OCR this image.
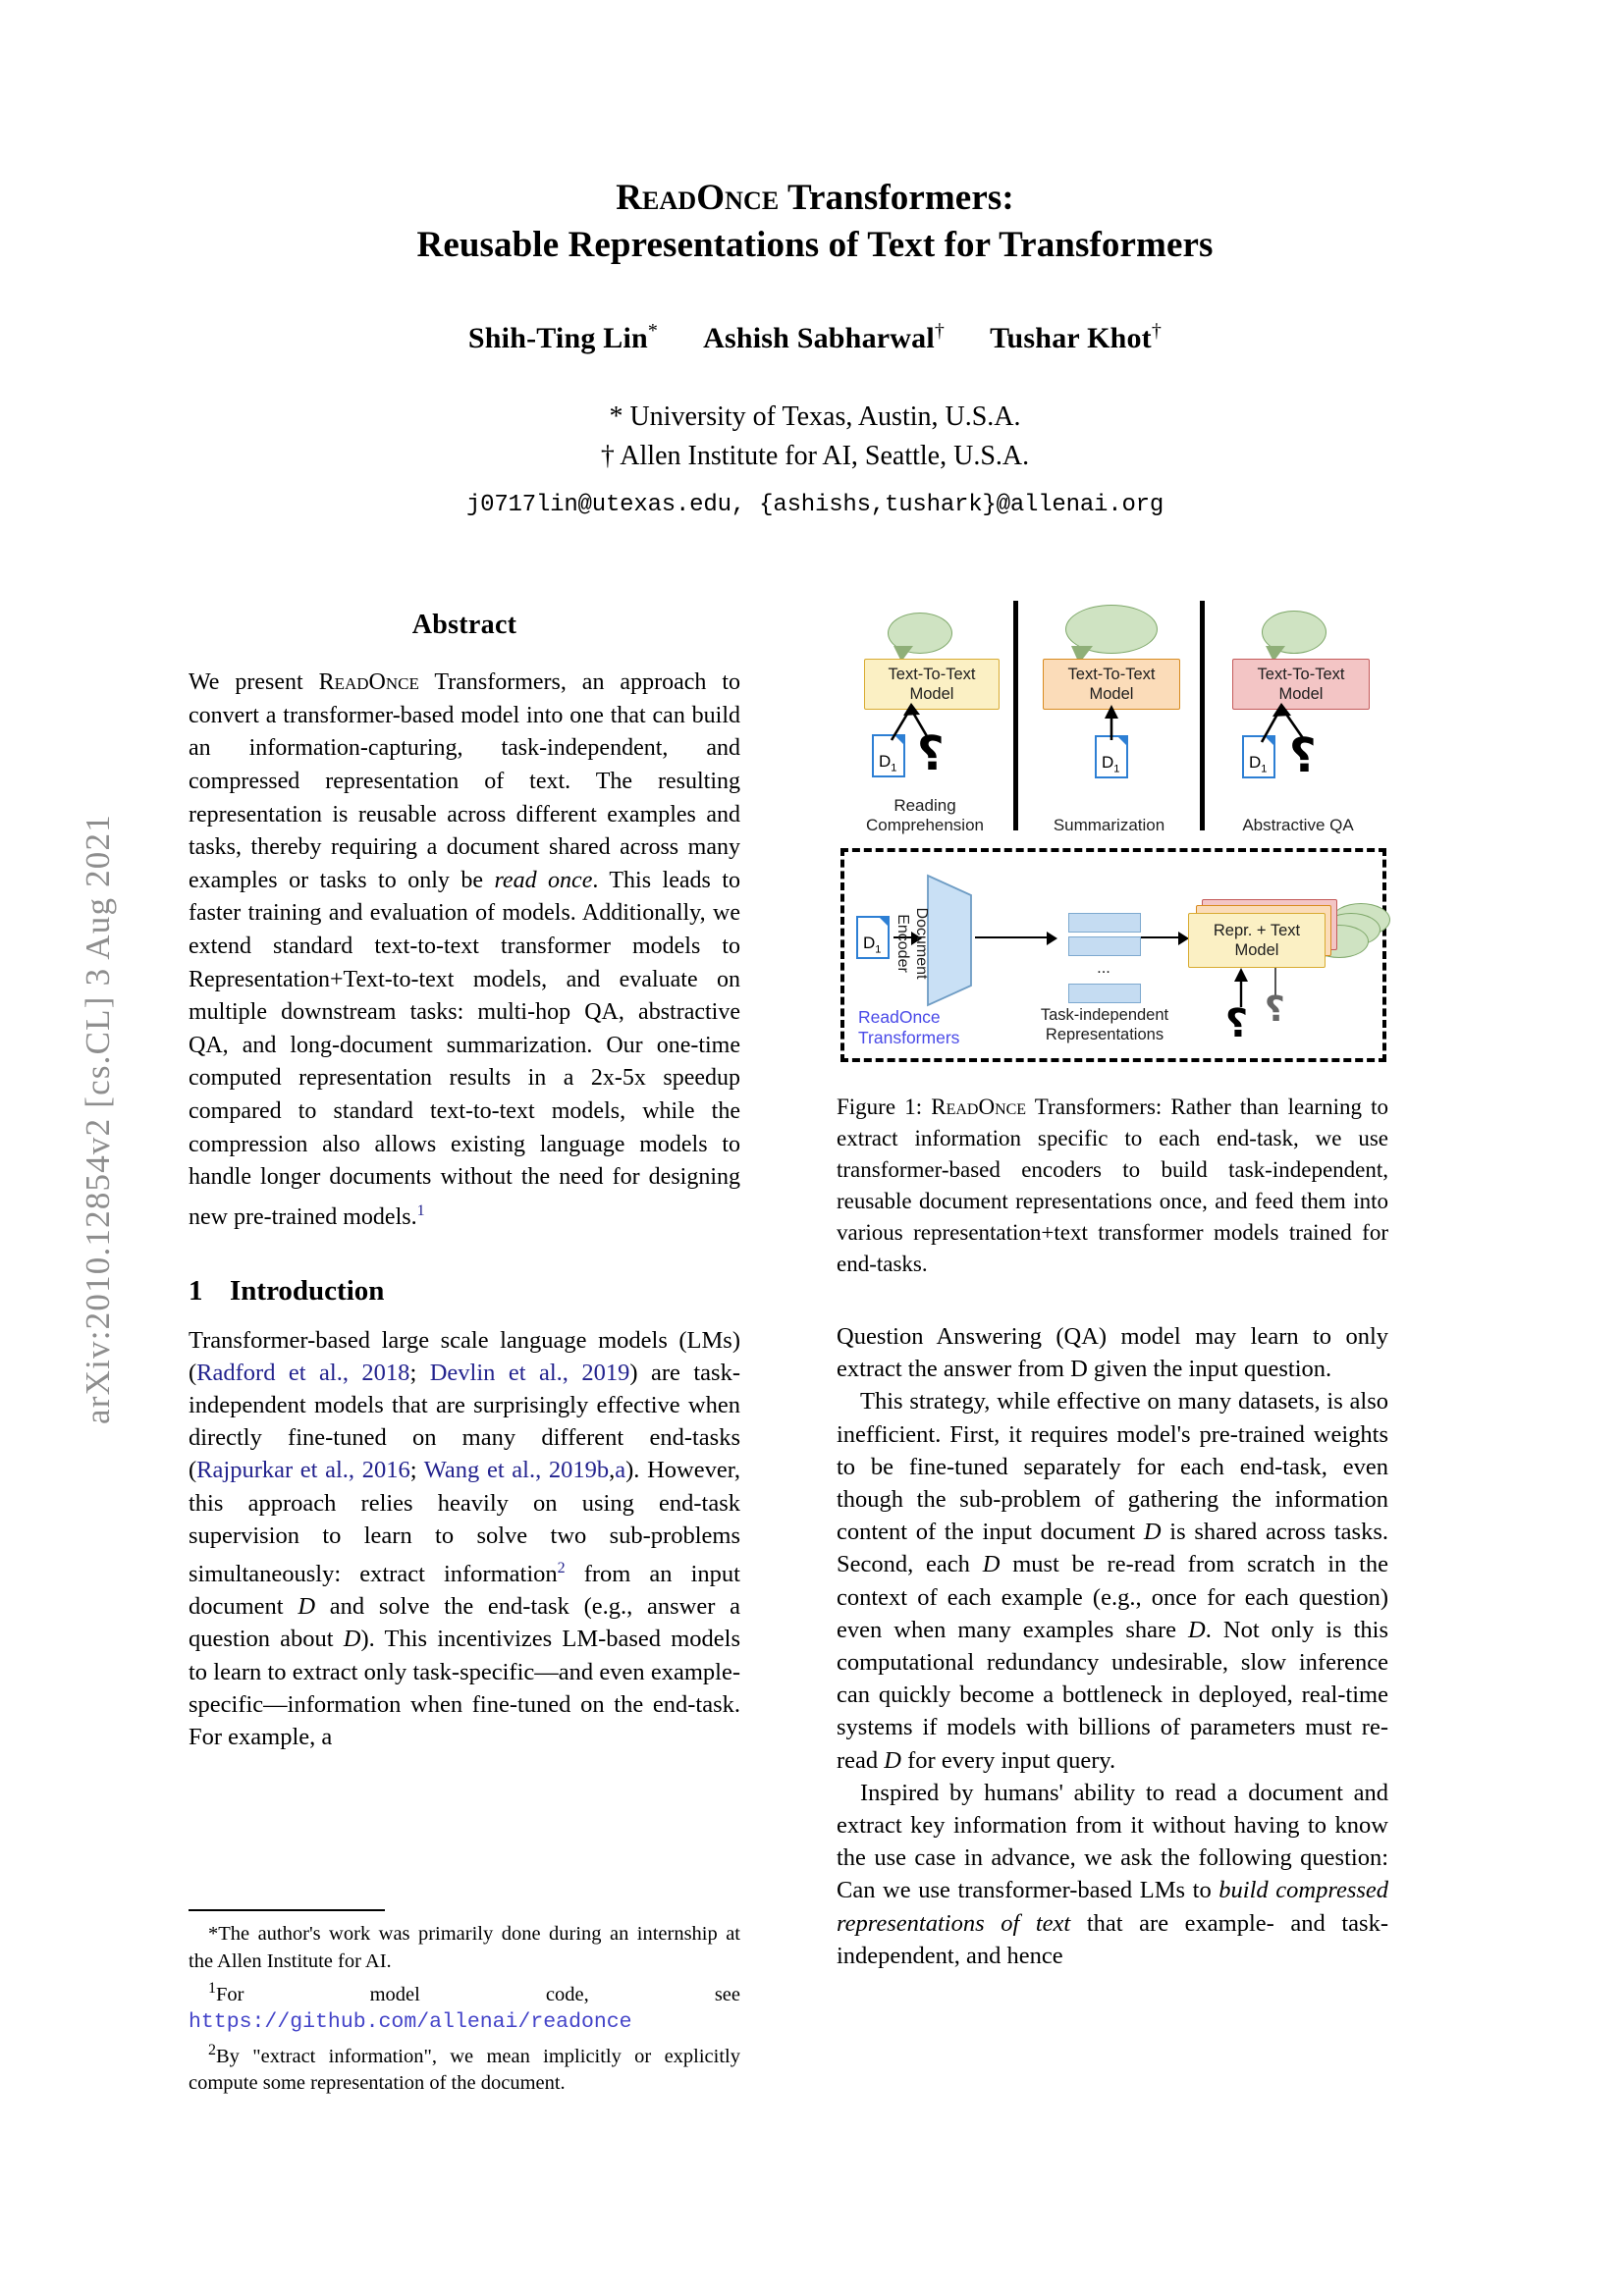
arXiv:2010.12854v2 [cs.CL] 3 Aug 2021
ReadOnce Transformers:
Reusable Representations of Text for Transformers
Shih-Ting Lin* Ashish Sabharwal† Tushar Khot†
* University of Texas, Austin, U.S.A.
† Allen Institute for AI, Seattle, U.S.A.
j0717lin@utexas.edu, {ashishs,tushark}@allenai.org
Abstract
We present ReadOnce Transformers, an approach to convert a transformer-based model into one that can build an information-capturing, task-independent, and compressed representation of text. The resulting representation is reusable across different examples and tasks, thereby requiring a document shared across many examples or tasks to only be read once. This leads to faster training and evaluation of models. Additionally, we extend standard text-to-text transformer models to Representation+Text-to-text models, and evaluate on multiple downstream tasks: multi-hop QA, abstractive QA, and long-document summarization. Our one-time computed representation results in a 2x-5x speedup compared to standard text-to-text models, while the compression also allows existing language models to handle longer documents without the need for designing new pre-trained models.$^1$
1 Introduction

Transformer-based large scale language models (LMs) (Radford et al., 2018; Devlin et al., 2019) are task-independent models that are surprisingly effective when directly fine-tuned on many different end-tasks (Rajpurkar et al., 2016; Wang et al., 2019b,a). However, this approach relies heavily on using end-task supervision to learn to solve two sub-problems simultaneously: extract information$^2$ from an input document D and solve the end-task (e.g., answer a question about D). This incentivizes LM-based models to learn to extract only task-specific—and even example-specific—information when fine-tuned on the end-task. For example, a

*The author's work was primarily done during an internship at the Allen Institute for AI.

$^1$For model code, see https://github.com/allenai/readonce

$^2$By "extract information", we mean implicitly or explicitly compute some representation of the document.

Text-To-Text
Model
$D_1$ ?
Reading
Comprehension
Text-To-Text
Model
$D_1$
Summarization
Text-To-Text
Model
$D_1$ ?
Abstractive QA
$D_1$	Document
Encoder	...
Task-independent
Representations
Repr. + Text
Model
? ?
ReadOnce
Transformers
Figure 1: ReadOnce Transformers: Rather than learning to extract information specific to each end-task, we use transformer-based encoders to build task-independent, reusable document representations once, and feed them into various representation+text transformer models trained for end-tasks.

Question Answering (QA) model may learn to only extract the answer from D given the input question.

This strategy, while effective on many datasets, is also inefficient. First, it requires model's pre-trained weights to be fine-tuned separately for each end-task, even though the sub-problem of gathering the information content of the input document D is shared across tasks. Second, each D must be re-read from scratch in the context of each example (e.g., once for each question) even when many examples share D. Not only is this computational redundancy undesirable, slow inference can quickly become a bottleneck in deployed, real-time systems if models with billions of parameters must re-read D for every input query.

Inspired by humans' ability to read a document and extract key information from it without having to know the use case in advance, we ask the following question: Can we use transformer-based LMs to build compressed representations of text that are example- and task-independent, and hence
